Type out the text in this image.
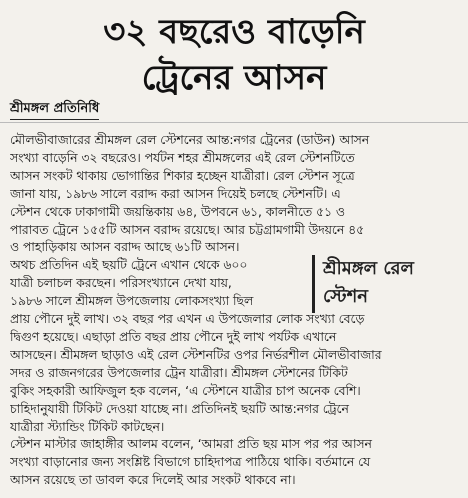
৩২ বছরেও বাড়েনি
ট্রেনের আসন
শ্রীমঙ্গল প্রতিনিধি
মৌলভীবাজারের শ্রীমঙ্গল রেল স্টেশনের আন্ত:নগর ট্রেনের (ডাউন) আসন
সংখ্যা বাড়েনি ৩২ বছরেও। পর্যটন শহর শ্রীমঙ্গলের এই রেল স্টেশনটিতে
আসন সংকট থাকায় ভোগান্তির শিকার হচ্ছেন যাত্রীরা। রেল স্টেশন সূত্রে
জানা যায়, ১৯৮৬ সালে বরাদ্দ করা আসন দিয়েই চলছে স্টেশনটি। এ
স্টেশন থেকে ঢাকাগামী জয়ন্তিকায় ৬৪, উপবনে ৬১, কালনীতে ৫১ ও
পারাবত ট্রেনে ১৫৫টি আসন বরাদ্দ রয়েছে। আর চট্টগ্রামগামী উদয়নে ৪৫
ও পাহাড়িকায় আসন বরাদ্দ আছে ৬১টি আসন।
অথচ প্রতিদিন এই ছয়টি ট্রেনে এখান থেকে ৬০০
যাত্রী চলাচল করছেন। পরিসংখ্যানে দেখা যায়,
১৯৮৬ সালে শ্রীমঙ্গল উপজেলায় লোকসংখ্যা ছিল
প্রায় পৌনে দুই লাখ। ৩২ বছর পর এখন এ উপজেলার লোক সংখ্যা বেড়ে
দ্বিগুণ হয়েছে। এছাড়া প্রতি বছর প্রায় পৌনে দুই লাখ পর্যটক এখানে
আসছেন। শ্রীমঙ্গল ছাড়াও এই রেল স্টেশনটির ওপর নির্ভরশীল মৌলভীবাজার
সদর ও রাজনগরের উপজেলার ট্রেন যাত্রীরা। শ্রীমঙ্গল স্টেশনের টিকিট
বুকিং সহকারী আফিজুল হক বলেন, ‘এ স্টেশনে যাত্রীর চাপ অনেক বেশি।
চাহিদানুযায়ী টিকিট দেওয়া যাচ্ছে না। প্রতিদিনই ছয়টি আন্ত:নগর ট্রেনে
যাত্রীরা স্ট্যান্ডিং টিকিট কাটছেন।
স্টেশন মাস্টার জাহাঙ্গীর আলম বলেন, ‘আমরা প্রতি ছয় মাস পর পর আসন
সংখ্যা বাড়ানোর জন্য সংশ্লিষ্ট বিভাগে চাহিদাপত্র পাঠিয়ে থাকি। বর্তমানে যে
আসন রয়েছে তা ডাবল করে দিলেই আর সংকট থাকবে না।
শ্রীমঙ্গল রেল
স্টেশন
